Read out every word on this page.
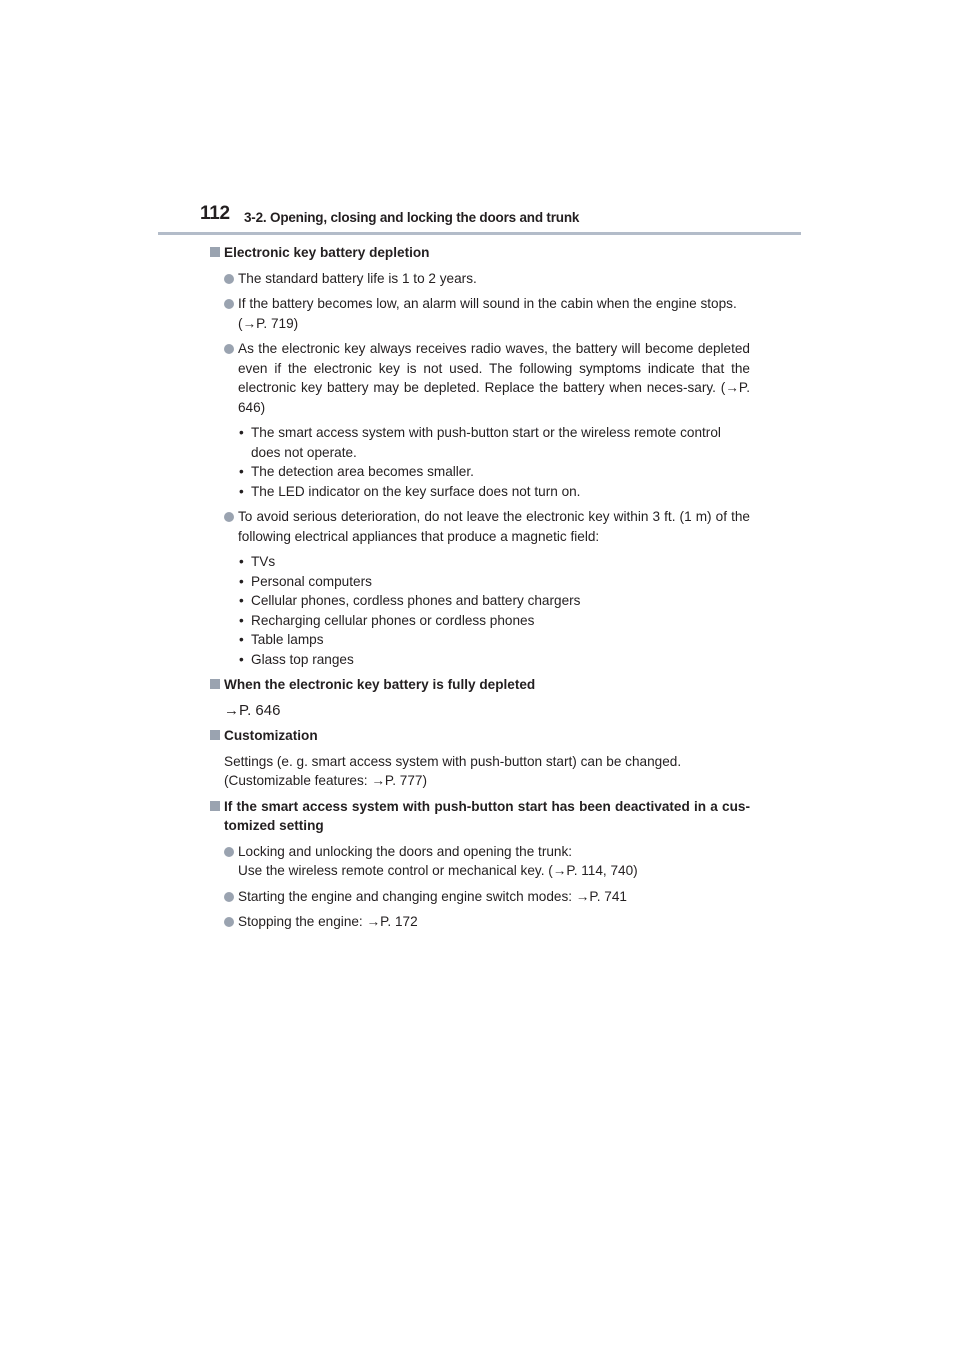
112 3-2. Opening, closing and locking the doors and trunk
Electronic key battery depletion
The standard battery life is 1 to 2 years.
If the battery becomes low, an alarm will sound in the cabin when the engine stops.
(→P. 719)
As the electronic key always receives radio waves, the battery will become depleted even if the electronic key is not used. The following symptoms indicate that the electronic key battery may be depleted. Replace the battery when neces-sary. (→P. 646)
• The smart access system with push-button start or the wireless remote control does not operate.
• The detection area becomes smaller.
• The LED indicator on the key surface does not turn on.
To avoid serious deterioration, do not leave the electronic key within 3 ft. (1 m) of the following electrical appliances that produce a magnetic field:
• TVs
• Personal computers
• Cellular phones, cordless phones and battery chargers
• Recharging cellular phones or cordless phones
• Table lamps
• Glass top ranges
When the electronic key battery is fully depleted
→P. 646
Customization
Settings (e. g. smart access system with push-button start) can be changed.
(Customizable features: →P. 777)
If the smart access system with push-button start has been deactivated in a cus-tomized setting
Locking and unlocking the doors and opening the trunk:
Use the wireless remote control or mechanical key. (→P. 114, 740)
Starting the engine and changing engine switch modes: →P. 741
Stopping the engine: →P. 172
